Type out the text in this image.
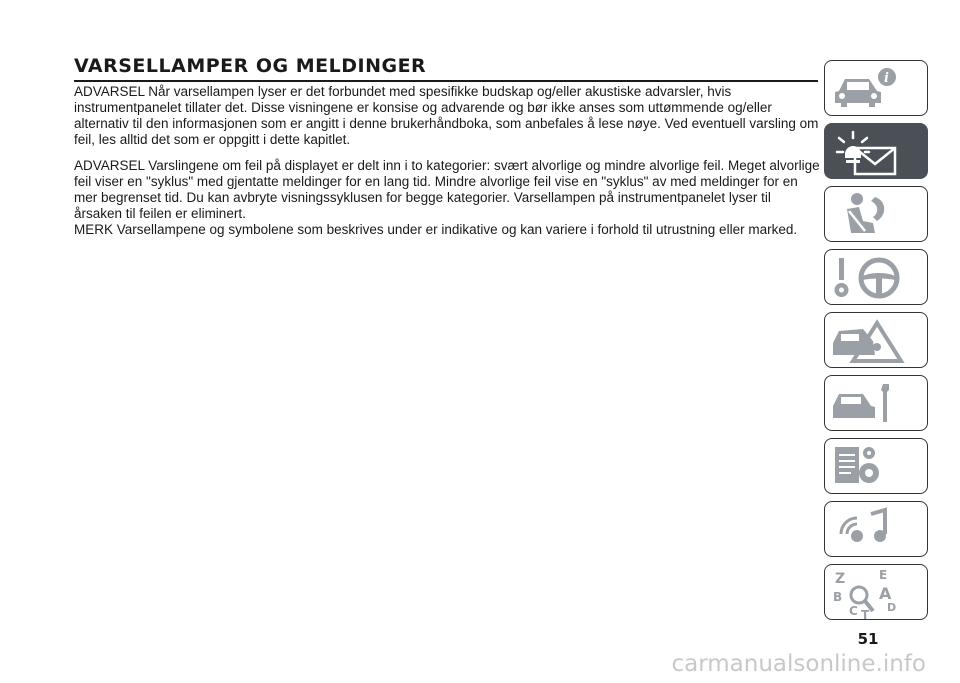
VARSELLAMPER OG MELDINGER

ADVARSEL Når varsellampen lyser er det forbundet med spesifikke budskap og/eller akustiske advarsler, hvis instrumentpanelet tillater det. Disse visningene er konsise og advarende og bør ikke anses som uttømmende og/eller alternativ til den informasjonen som er angitt i denne brukerhåndboka, som anbefales å lese nøye. Ved eventuell varsling om feil, les alltid det som er oppgitt i dette kapitlet.

ADVARSEL Varslingene om feil på displayet er delt inn i to kategorier: svært alvorlige og mindre alvorlige feil. Meget alvorlige feil viser en "syklus" med gjentatte meldinger for en lang tid. Mindre alvorlige feil vise en "syklus" av med meldinger for en mer begrenset tid. Du kan avbryte visningssyklusen for begge kategorier. Varsellampen på instrumentpanelet lyser til årsaken til feilen er eliminert.

MERK Varsellampene og symbolene som beskrives under er indikative og kan variere i forhold til utrustning eller marked.

i
Z	E
B A
C T
D
51
carmanualsonline.info
